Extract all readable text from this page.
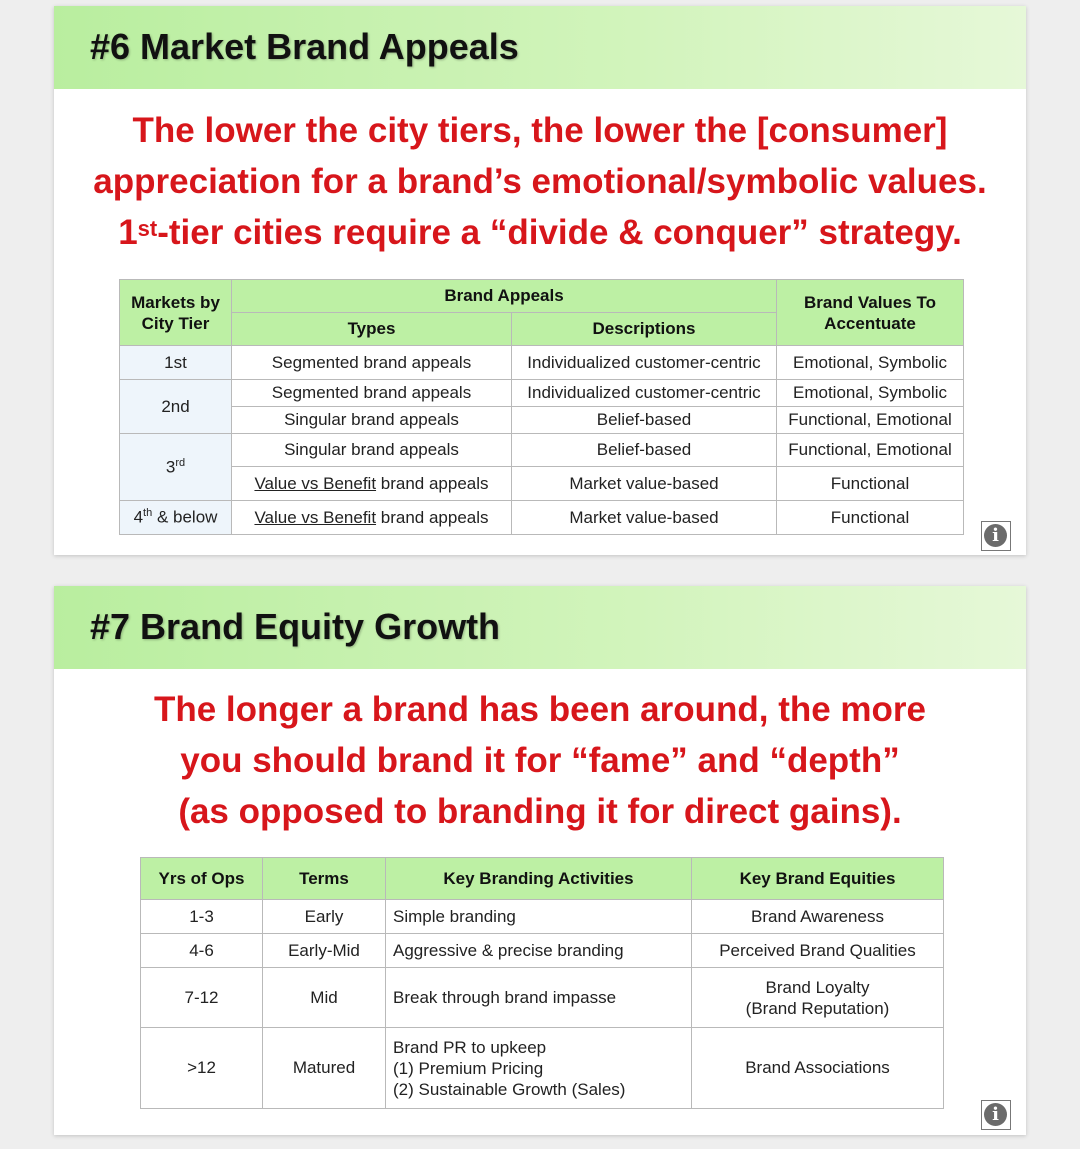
#6 Market Brand Appeals
The lower the city tiers, the lower the [consumer]
appreciation for a brand’s emotional/symbolic values.
1st-tier cities require a “divide & conquer” strategy.
Markets by City Tier	Brand Appeals		Brand Values To Accentuate
	Types	Descriptions	
1st	Segmented brand appeals	Individualized customer-centric	Emotional, Symbolic
2nd	Segmented brand appeals	Individualized customer-centric	Emotional, Symbolic
	Singular brand appeals	Belief-based	Functional, Emotional
3rd	Singular brand appeals	Belief-based	Functional, Emotional
	Value vs Benefit brand appeals	Market value-based	Functional
4th & below	Value vs Benefit brand appeals	Market value-based	Functional
i
#7 Brand Equity Growth
The longer a brand has been around, the more
you should brand it for “fame” and “depth”
(as opposed to branding it for direct gains).
Yrs of Ops	Terms	Key Branding Activities	Key Brand Equities
1-3	Early	Simple branding	Brand Awareness
4-6	Early-Mid	Aggressive & precise branding	Perceived Brand Qualities
7-12	Mid	Break through brand impasse	Brand Loyalty
(Brand Reputation)

>12	Matured	Brand PR to upkeep
(1) Premium Pricing
(2) Sustainable Growth (Sales)	Brand Associations
i
